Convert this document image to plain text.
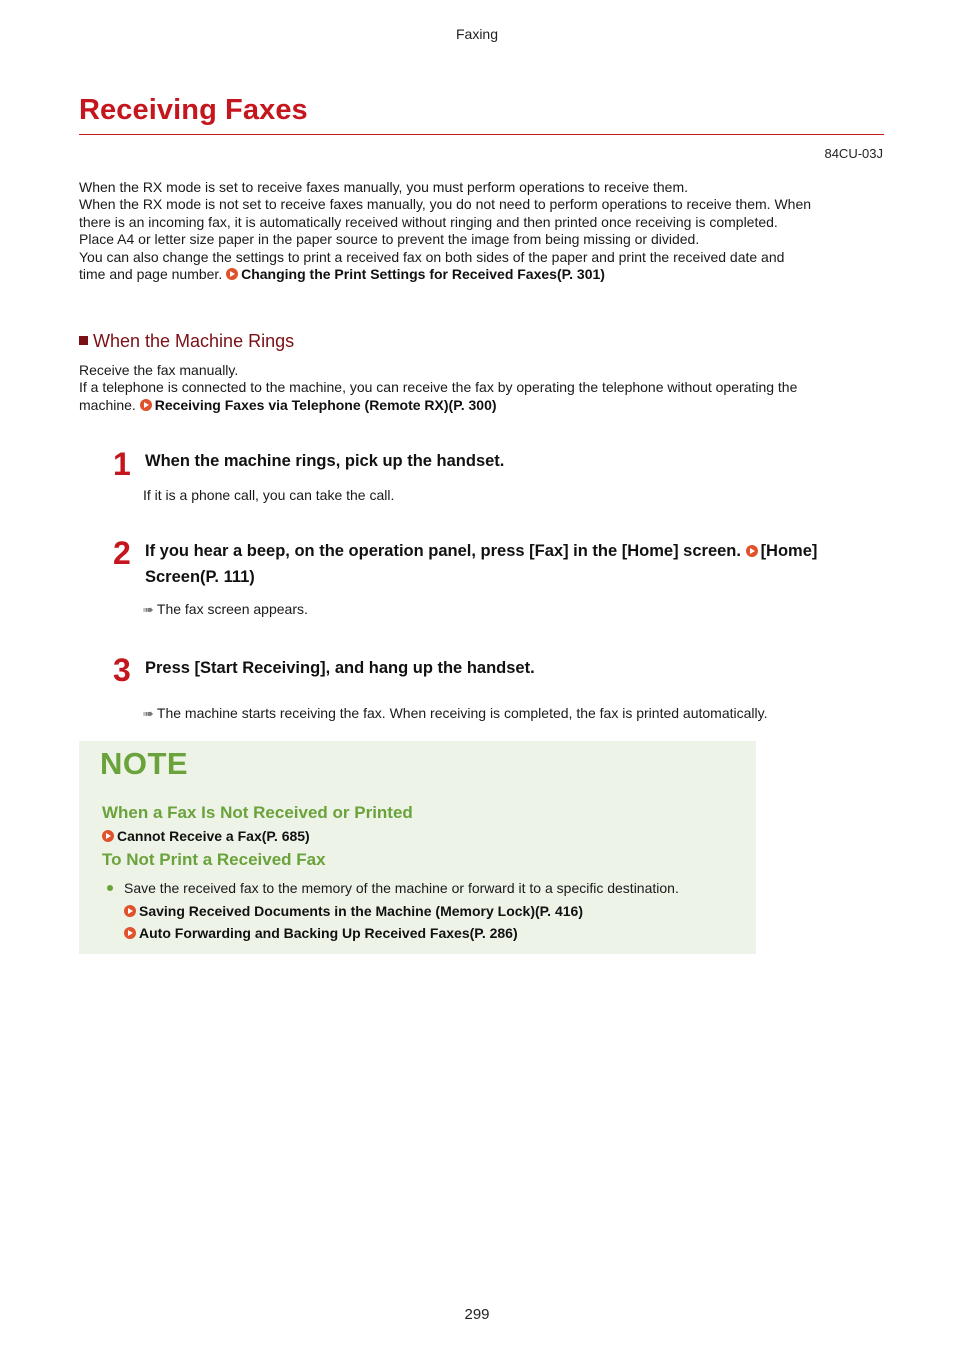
Faxing
Receiving Faxes
84CU-03J
When the RX mode is set to receive faxes manually, you must perform operations to receive them.
When the RX mode is not set to receive faxes manually, you do not need to perform operations to receive them. When
there is an incoming fax, it is automatically received without ringing and then printed once receiving is completed.
Place A4 or letter size paper in the paper source to prevent the image from being missing or divided.
You can also change the settings to print a received fax on both sides of the paper and print the received date and
time and page number. Changing the Print Settings for Received Faxes(P. 301)
When the Machine Rings
Receive the fax manually.
If a telephone is connected to the machine, you can receive the fax by operating the telephone without operating the
machine. Receiving Faxes via Telephone (Remote RX)(P. 300)
1 When the machine rings, pick up the handset.
If it is a phone call, you can take the call.
2 If you hear a beep, on the operation panel, press [Fax] in the [Home] screen. [Home]
Screen(P. 111)
➠ The fax screen appears.
3 Press [Start Receiving], and hang up the handset.
➠ The machine starts receiving the fax. When receiving is completed, the fax is printed automatically.
NOTE
When a Fax Is Not Received or Printed
Cannot Receive a Fax(P. 685)
To Not Print a Received Fax
Save the received fax to the memory of the machine or forward it to a specific destination.
Saving Received Documents in the Machine (Memory Lock)(P. 416)
Auto Forwarding and Backing Up Received Faxes(P. 286)
299
